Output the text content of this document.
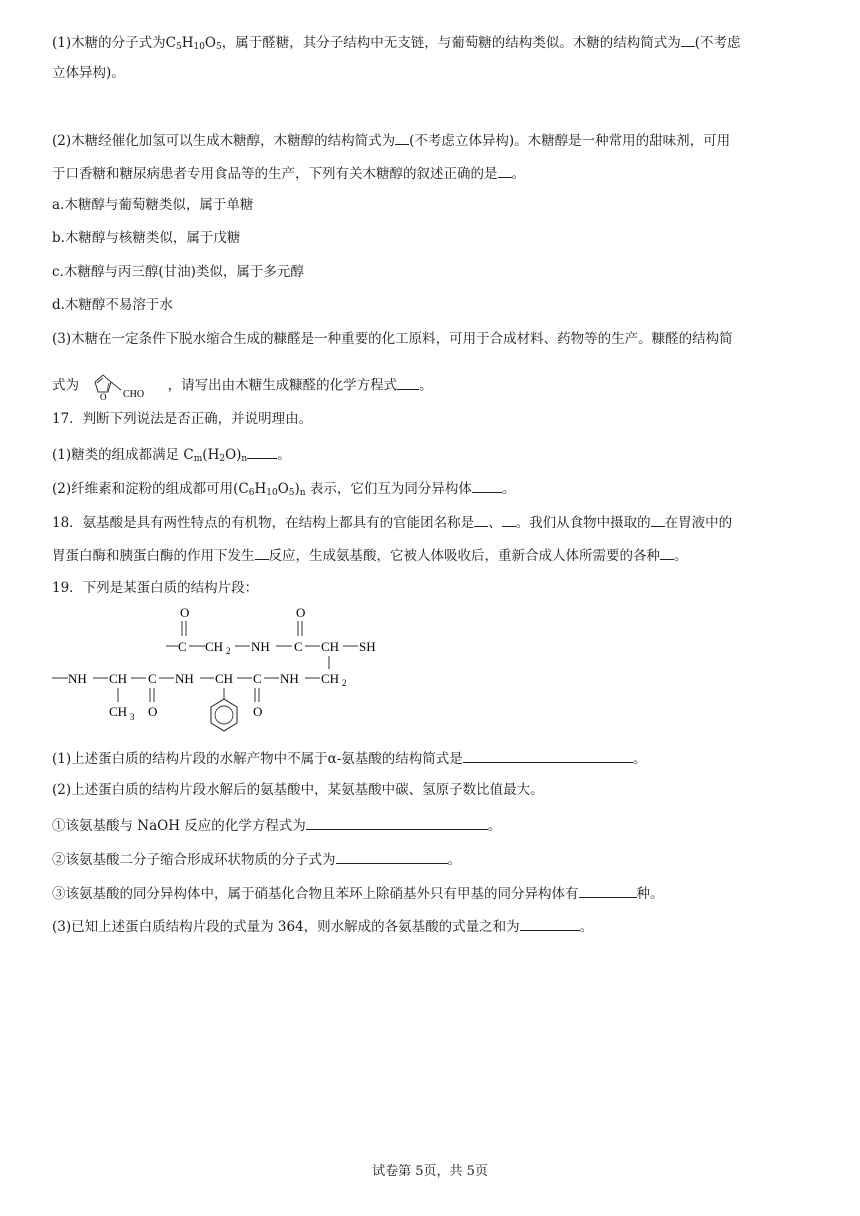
(1)木糖的分子式为$C_5H_{10}O_5$，属于醛糖，其分子结构中无支链，与葡萄糖的结构类似。木糖的结构简式为 (不考虑
立体异构)。
(2)木糖经催化加氢可以生成木糖醇，木糖醇的结构简式为 (不考虑立体异构)。木糖醇是一种常用的甜味剂，可用
于口香糖和糖尿病患者专用食品等的生产，下列有关木糖醇的叙述正确的是 。
a.木糖醇与葡萄糖类似，属于单糖
b.木糖醇与核糖类似，属于戊糖
c.木糖醇与丙三醇(甘油)类似，属于多元醇
d.木糖醇不易溶于水
(3)木糖在一定条件下脱水缩合生成的糠醛是一种重要的化工原料，可用于合成材料、药物等的生产。糠醛的结构简
式为
O CHO
，请写出由木糖生成糠醛的化学方程式 。
17．判断下列说法是否正确，并说明理由。
(1)糖类的组成都满足 $C_m(H_2O)_n$ 。
(2)纤维素和淀粉的组成都可用$(C_6H_{10}O_5)_n$ 表示，它们互为同分异构体 。
18．氨基酸是具有两性特点的有机物，在结构上都具有的官能团名称是 、 。我们从食物中摄取的 在胃液中的
胃蛋白酶和胰蛋白酶的作用下发生 反应，生成氨基酸，它被人体吸收后，重新合成人体所需要的各种 。
19．下列是某蛋白质的结构片段：
O	O
C CH 2 NH C CH SH
NH CH C NH CH C NH CH 2
CH 3 O	O
(1)上述蛋白质的结构片段的水解产物中不属于α-氨基酸的结构简式是	。
(2)上述蛋白质的结构片段水解后的氨基酸中，某氨基酸中碳、氢原子数比值最大。
①该氨基酸与 NaOH 反应的化学方程式为	。
②该氨基酸二分子缩合形成环状物质的分子式为	。
③该氨基酸的同分异构体中，属于硝基化合物且苯环上除硝基外只有甲基的同分异构体有	种。
(3)已知上述蛋白质结构片段的式量为 364，则水解成的各氨基酸的式量之和为	。
试卷第 5页，共 5页
